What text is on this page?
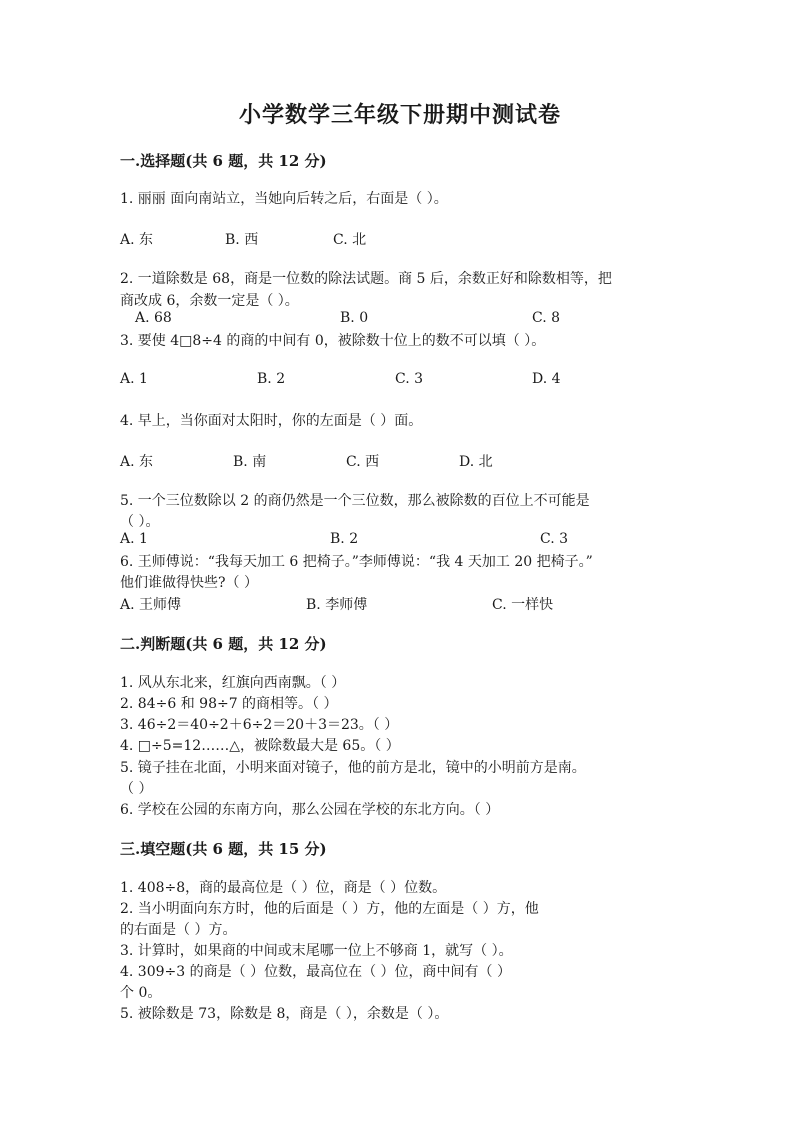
小学数学三年级下册期中测试卷
一.选择题(共 6 题，共 12 分)
1. 丽丽 面向南站立，当她向后转之后，右面是（ ）。
A. 东	B. 西	C. 北
2. 一道除数是 68，商是一位数的除法试题。商 5 后，余数正好和除数相等，把
商改成 6，余数一定是（ ）。
A. 68	B. 0	C. 8
3. 要使 4□8÷4 的商的中间有 0，被除数十位上的数不可以填（ ）。
A. 1	B. 2	C. 3	D. 4
4. 早上，当你面对太阳时，你的左面是（ ）面。
A. 东	B. 南	C. 西	D. 北
5. 一个三位数除以 2 的商仍然是一个三位数，那么被除数的百位上不可能是
（ ）。
A. 1	B. 2	C. 3
6. 王师傅说：“我每天加工 6 把椅子。”李师傅说：“我 4 天加工 20 把椅子。”
他们谁做得快些?（ ）
A. 王师傅	B. 李师傅	C. 一样快
二.判断题(共 6 题，共 12 分)
1. 风从东北来，红旗向西南飘。（ ）
2. 84÷6 和 98÷7 的商相等。（ ）
3. 46÷2＝40÷2＋6÷2＝20＋3＝23。（ ）
4. □÷5=12……△，被除数最大是 65。（ ）
5. 镜子挂在北面，小明来面对镜子，他的前方是北，镜中的小明前方是南。
（ ）
6. 学校在公园的东南方向，那么公园在学校的东北方向。（ ）
三.填空题(共 6 题，共 15 分)
1. 408÷8，商的最高位是（ ）位，商是（ ）位数。
2. 当小明面向东方时，他的后面是（ ）方，他的左面是（ ）方，他
的右面是（ ）方。
3. 计算时，如果商的中间或末尾哪一位上不够商 1，就写（ ）。
4. 309÷3 的商是（ ）位数，最高位在（ ）位，商中间有（ ）
个 0。
5. 被除数是 73，除数是 8，商是（ ），余数是（ ）。
